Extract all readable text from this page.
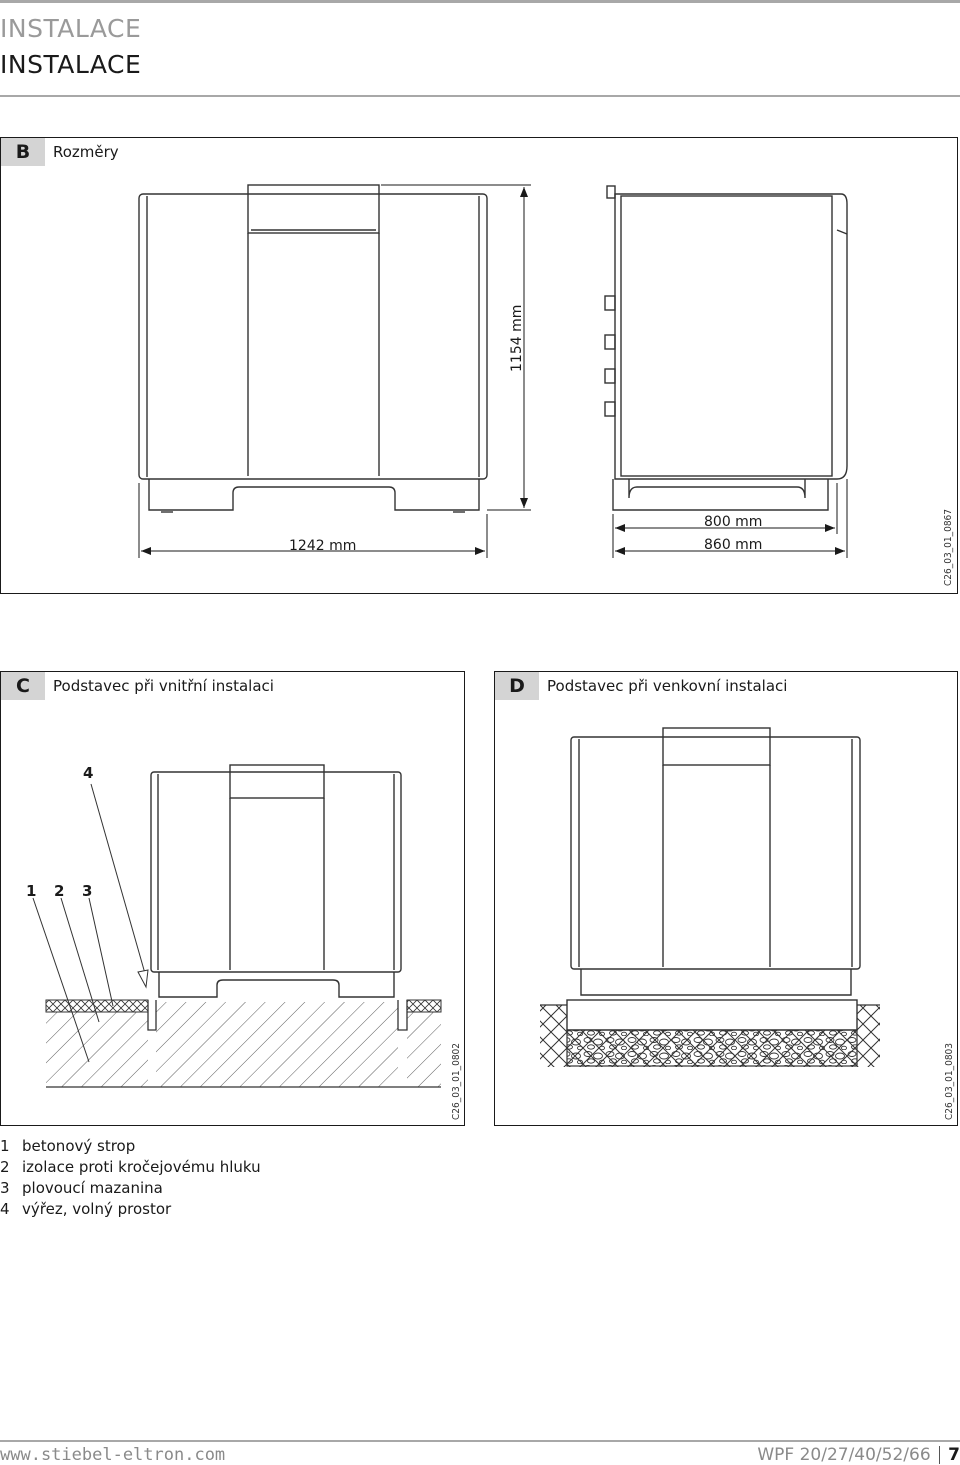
INSTALACE
INSTALACE
B	Rozměry
1154 mm
1242 mm
800 mm
860 mm	C26_03_01_0867
C	Podstavec při vnitřní instalaci
1 2 3
4
C26_03_01_0802
D	Podstavec při venkovní instalaci
C26_03_01_0803
1 betonový strop
2 izolace proti kročejovému hluku
3 plovoucí mazanina
4 výřez, volný prostor
www.stiebel-eltron.com	WPF 20/27/40/52/66 7
